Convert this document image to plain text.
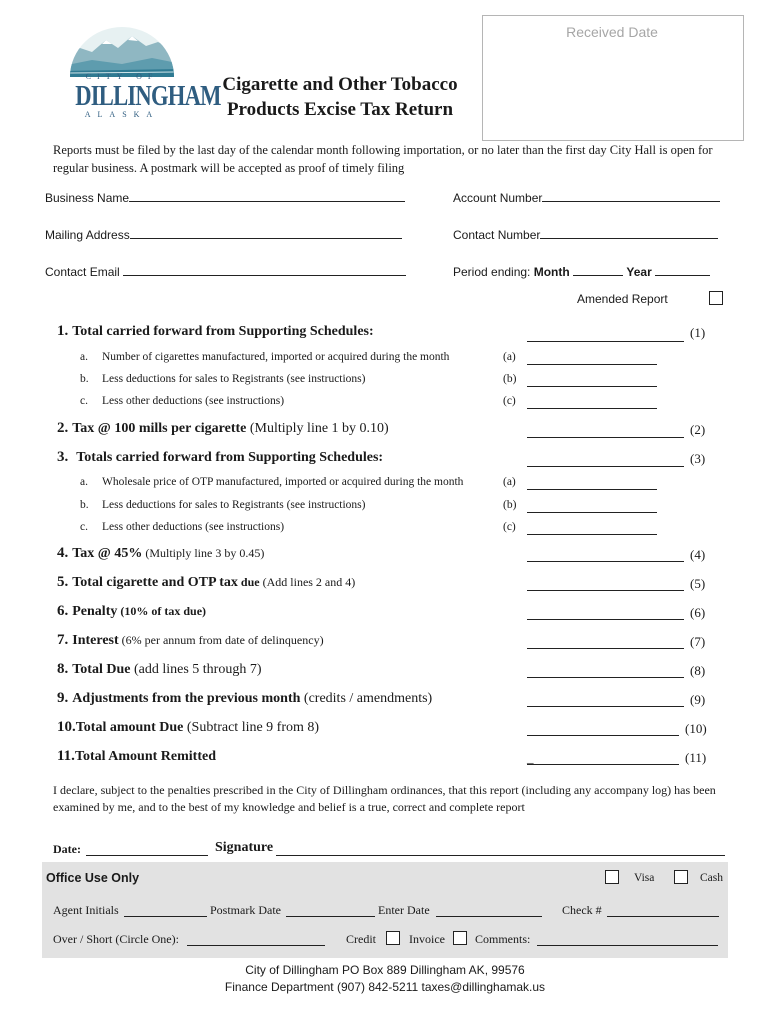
CITY OF
DILLINGHAM
ALASKA
Cigarette and Other Tobacco
Products Excise Tax Return
Received Date
Reports must be filed by the last day of the calendar month following importation, or no later than the first day City Hall is open for regular business. A postmark will be accepted as proof of timely filing
Business Name	Account Number
Mailing Address	Contact Number
Contact Email	Period ending: Month	Year
Amended Report
1. Total carried forward from Supporting Schedules:	(1)
a. Number of cigarettes manufactured, imported or acquired during the month	(a)
b. Less deductions for sales to Registrants (see instructions)	(b)
c. Less other deductions (see instructions)	(c)
2. Tax @ 100 mills per cigarette (Multiply line 1 by 0.10)	(2)
3. Totals carried forward from Supporting Schedules:	(3)
a. Wholesale price of OTP manufactured, imported or acquired during the month	(a)
b. Less deductions for sales to Registrants (see instructions)	(b)
c. Less other deductions (see instructions)	(c)
4. Tax @ 45% (Multiply line 3 by 0.45)	(4)
5. Total cigarette and OTP tax due (Add lines 2 and 4)	(5)
6. Penalty (10% of tax due)	(6)
7. Interest (6% per annum from date of delinquency)	(7)
8. Total Due (add lines 5 through 7)	(8)
9. Adjustments from the previous month (credits / amendments)	(9)
10.Total amount Due (Subtract line 9 from 8)	(10)
11.Total Amount Remitted	_	(11)
I declare, subject to the penalties prescribed in the City of Dillingham ordinances, that this report (including any accompany log) has been examined by me, and to the best of my knowledge and belief is a true, correct and complete report
Date:	Signature
Office Use Only	Visa	Cash
Agent Initials	Postmark Date	Enter Date	Check #
Over / Short (Circle One):	Credit	Invoice	Comments:
City of Dillingham PO Box 889 Dillingham AK, 99576
Finance Department (907) 842-5211 taxes@dillinghamak.us
